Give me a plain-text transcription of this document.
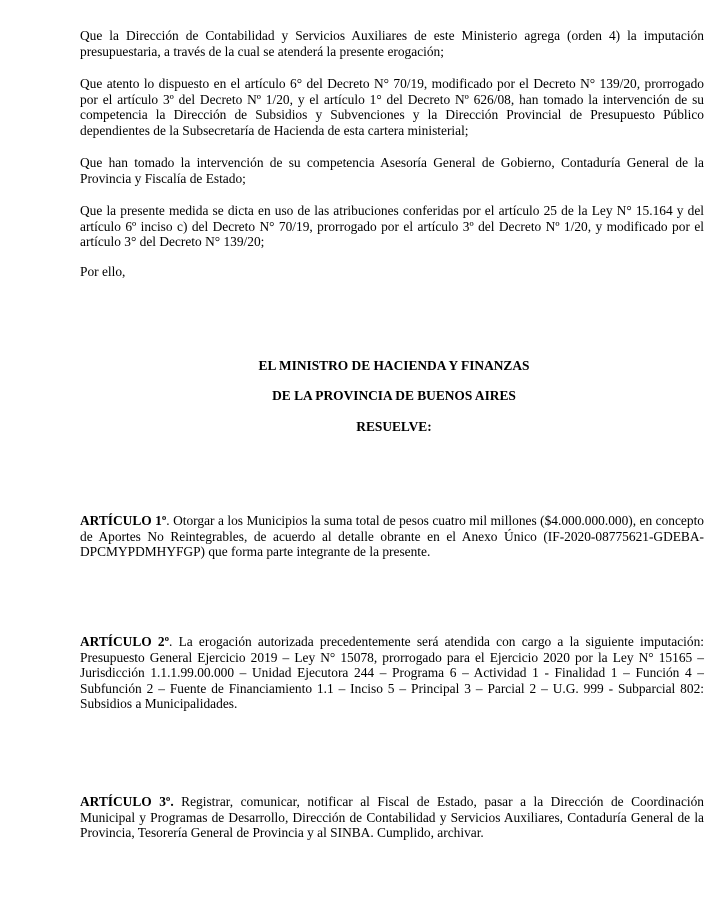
Que la Dirección de Contabilidad y Servicios Auxiliares de este Ministerio agrega (orden 4) la imputación presupuestaria, a través de la cual se atenderá la presente erogación;

Que atento lo dispuesto en el artículo 6° del Decreto N° 70/19, modificado por el Decreto N° 139/20, prorrogado por el artículo 3º del Decreto Nº 1/20, y el artículo 1° del Decreto Nº 626/08, han tomado la intervención de su competencia la Dirección de Subsidios y Subvenciones y la Dirección Provincial de Presupuesto Público dependientes de la Subsecretaría de Hacienda de esta cartera ministerial;

Que han tomado la intervención de su competencia Asesoría General de Gobierno, Contaduría General de la Provincia y Fiscalía de Estado;

Que la presente medida se dicta en uso de las atribuciones conferidas por el artículo 25 de la Ley N° 15.164 y del artículo 6º inciso c) del Decreto N° 70/19, prorrogado por el artículo 3º del Decreto Nº 1/20, y modificado por el artículo 3° del Decreto N° 139/20;

Por ello,

EL MINISTRO DE HACIENDA Y FINANZAS

DE LA PROVINCIA DE BUENOS AIRES

RESUELVE:

ARTÍCULO 1º. Otorgar a los Municipios la suma total de pesos cuatro mil millones ($4.000.000.000), en concepto de Aportes No Reintegrables, de acuerdo al detalle obrante en el Anexo Único (IF-2020-08775621-GDEBA-DPCMYPDMHYFGP) que forma parte integrante de la presente.

ARTÍCULO 2º. La erogación autorizada precedentemente será atendida con cargo a la siguiente imputación: Presupuesto General Ejercicio 2019 – Ley N° 15078, prorrogado para el Ejercicio 2020 por la Ley N° 15165 – Jurisdicción 1.1.1.99.00.000 – Unidad Ejecutora 244 – Programa 6 – Actividad 1 - Finalidad 1 – Función 4 – Subfunción 2 – Fuente de Financiamiento 1.1 – Inciso 5 – Principal 3 – Parcial 2 – U.G. 999 - Subparcial 802: Subsidios a Municipalidades.

ARTÍCULO 3º. Registrar, comunicar, notificar al Fiscal de Estado, pasar a la Dirección de Coordinación Municipal y Programas de Desarrollo, Dirección de Contabilidad y Servicios Auxiliares, Contaduría General de la Provincia, Tesorería General de Provincia y al SINBA. Cumplido, archivar.
